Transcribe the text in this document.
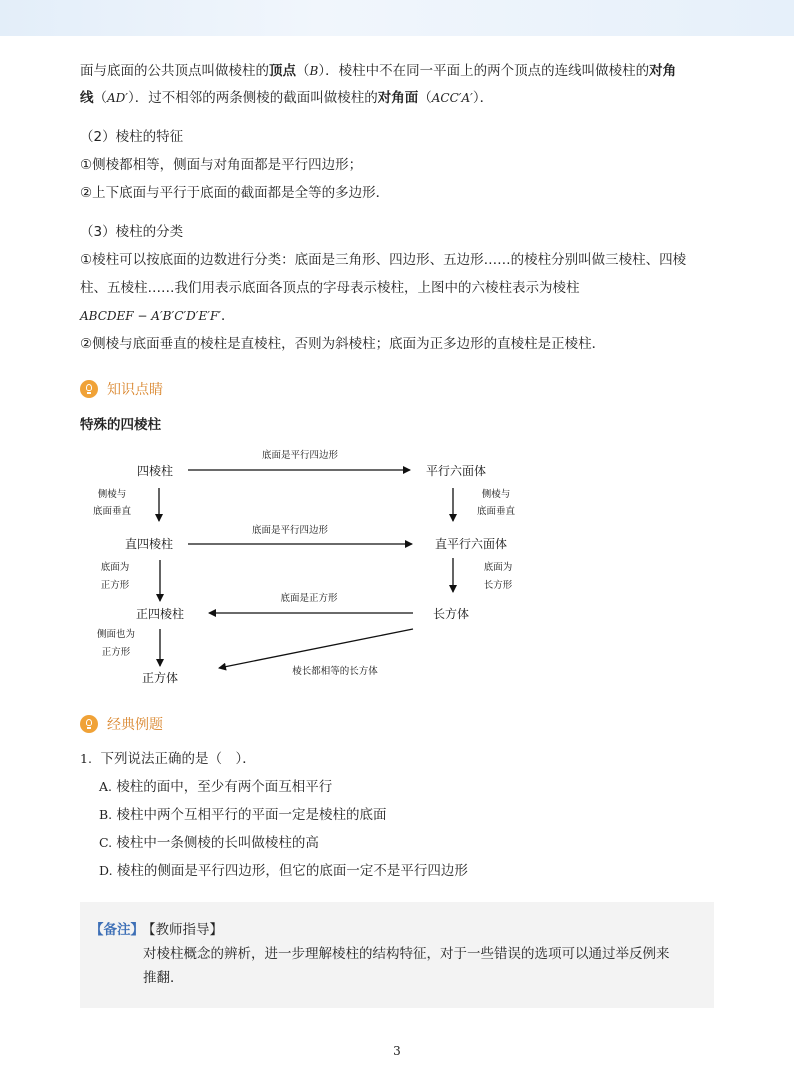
面与底面的公共顶点叫做棱柱的顶点（B）．棱柱中不在同一平面上的两个顶点的连线叫做棱柱的对角
线（AD′）．过不相邻的两条侧棱的截面叫做棱柱的对角面（ACC′A′）．
（2）棱柱的特征
①侧棱都相等，侧面与对角面都是平行四边形；
②上下底面与平行于底面的截面都是全等的多边形．
（3）棱柱的分类
①棱柱可以按底面的边数进行分类：底面是三角形、四边形、五边形……的棱柱分别叫做三棱柱、四棱
柱、五棱柱……我们用表示底面各顶点的字母表示棱柱，上图中的六棱柱表示为棱柱
ABCDEF − A′B′C′D′E′F′．
②侧棱与底面垂直的棱柱是直棱柱，否则为斜棱柱；底面为正多边形的直棱柱是正棱柱．
知识点睛
特殊的四棱柱
四棱柱	平行六面体
直四棱柱	直平行六面体
正四棱柱	长方体
正方体
底面是平行四边形
侧棱与
底面垂直
侧棱与
底面垂直
底面是平行四边形
底面为
正方形
底面为
长方形
底面是正方形
侧面也为
正方形
棱长都相等的长方体
经典例题
1. 下列说法正确的是（　）．
A. 棱柱的面中，至少有两个面互相平行
B. 棱柱中两个互相平行的平面一定是棱柱的底面
C. 棱柱中一条侧棱的长叫做棱柱的高
D. 棱柱的侧面是平行四边形，但它的底面一定不是平行四边形
【备注】
【教师指导】
对棱柱概念的辨析，进一步理解棱柱的结构特征，对于一些错误的选项可以通过举反例来
推翻．
3
